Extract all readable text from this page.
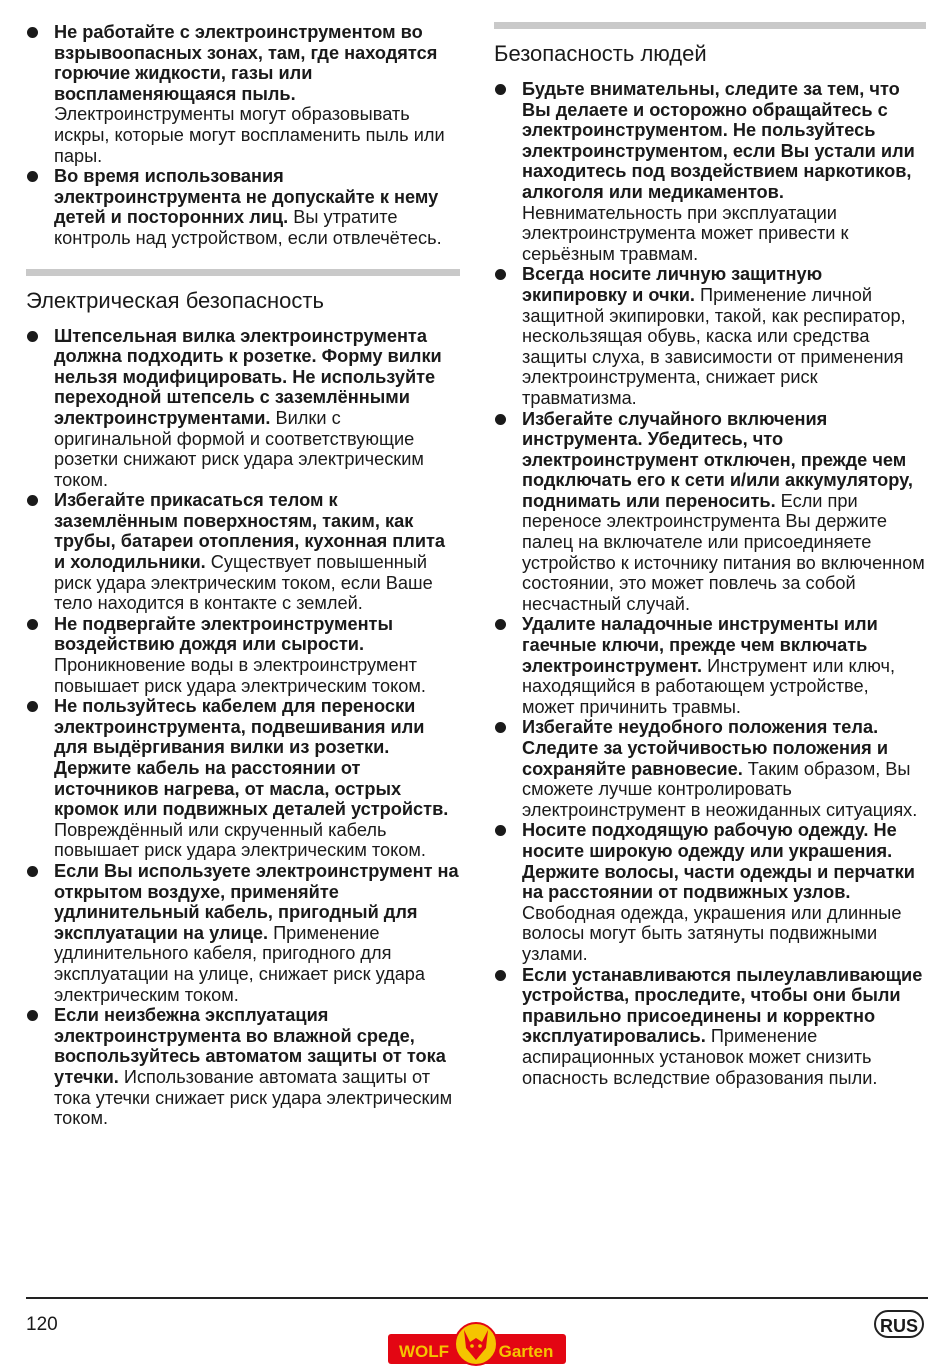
Не работайте с электроинструментом во взрывоопасных зонах, там, где находятся горючие жидкости, газы или воспламеняющаяся пыль. Электроинструменты могут образовывать искры, которые могут воспламенить пыль или пары.
Во время использования электроинструмента не допускайте к нему детей и посторонних лиц. Вы утратите контроль над устройством, если отвлечётесь.
Электрическая безопасность
Штепсельная вилка электроинструмента должна подходить к розетке. Форму вилки нельзя модифицировать. Не используйте переходной штепсель с заземлёнными электроинструментами. Вилки с оригинальной формой и соответствующие розетки снижают риск удара электрическим током.
Избегайте прикасаться телом к заземлённым поверхностям, таким, как трубы, батареи отопления, кухонная плита и холодильники. Существует повышенный риск удара электрическим током, если Ваше тело находится в контакте с землей.
Не подвергайте электроинструменты воздействию дождя или сырости. Проникновение воды в электроинструмент повышает риск удара электрическим током.
Не пользуйтесь кабелем для переноски электроинструмента, подвешивания или для выдёргивания вилки из розетки. Держите кабель на расстоянии от источников нагрева, от масла, острых кромок или подвижных деталей устройств. Повреждённый или скрученный кабель повышает риск удара электрическим током.
Если Вы используете электроинструмент на открытом воздухе, применяйте удлинительный кабель, пригодный для эксплуатации на улице. Применение удлинительного кабеля, пригодного для эксплуатации на улице, снижает риск удара электрическим током.
Если неизбежна эксплуатация электроинструмента во влажной среде, воспользуйтесь автоматом защиты от тока утечки. Использование автомата защиты от тока утечки снижает риск удара электрическим током.
Безопасность людей
Будьте внимательны, следите за тем, что Вы делаете и осторожно обращайтесь с электроинструментом. Не пользуйтесь электроинструментом, если Вы устали или находитесь под воздействием наркотиков, алкоголя или медикаментов. Невнимательность при эксплуатации электроинструмента может привести к серьёзным травмам.
Всегда носите личную защитную экипировку и очки. Применение личной защитной экипировки, такой, как респиратор, нескользящая обувь, каска или средства защиты слуха, в зависимости от применения электроинструмента, снижает риск травматизма.
Избегайте случайного включения инструмента. Убедитесь, что электроинструмент отключен, прежде чем подключать его к сети и/или аккумулятору, поднимать или переносить. Если при переносе электроинструмента Вы держите палец на включателе или присоединяете устройство к источнику питания во включенном состоянии, это может повлечь за собой несчастный случай.
Удалите наладочные инструменты или гаечные ключи, прежде чем включать электроинструмент. Инструмент или ключ, находящийся в работающем устройстве, может причинить травмы.
Избегайте неудобного положения тела. Следите за устойчивостью положения и сохраняйте равновесие. Таким образом, Вы сможете лучше контролировать электроинструмент в неожиданных ситуациях.
Носите подходящую рабочую одежду. Не носите широкую одежду или украшения. Держите волосы, части одежды и перчатки на расстоянии от подвижных узлов. Свободная одежда, украшения или длинные волосы могут быть затянуты подвижными узлами.
Если устанавливаются пылеулавливающие устройства, проследите, чтобы они были правильно присоединены и корректно эксплуатировались. Применение аспирационных установок может снизить опасность вследствие образования пыли.
120	RUS
WOLF	Garten
